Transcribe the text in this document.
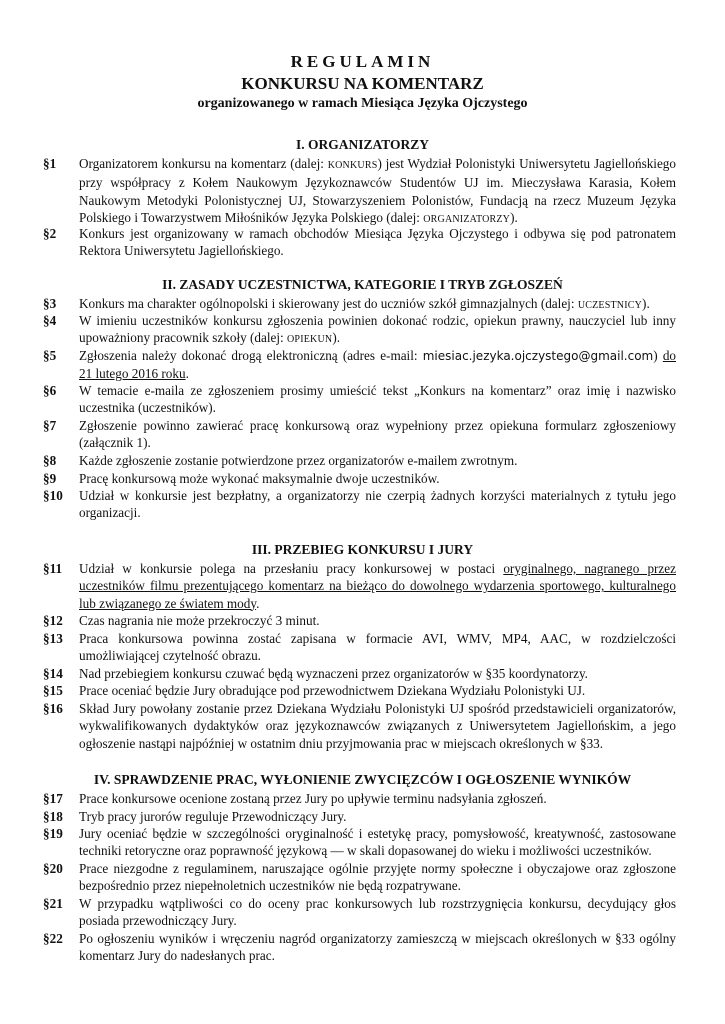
REGULAMIN
KONKURSU NA KOMENTARZ
organizowanego w ramach Miesiąca Języka Ojczystego
I. ORGANIZATORZY
§1	Organizatorem konkursu na komentarz (dalej: KONKURS) jest Wydział Polonistyki Uniwersytetu Jagiellońskiego przy współpracy z Kołem Naukowym Językoznawców Studentów UJ im. Mieczysława Karasia, Kołem Naukowym Metodyki Polonistycznej UJ, Stowarzyszeniem Polonistów, Fundacją na rzecz Muzeum Języka Polskiego i Towarzystwem Miłośników Języka Polskiego (dalej: ORGANIZATORZY).
§2	Konkurs jest organizowany w ramach obchodów Miesiąca Języka Ojczystego i odbywa się pod patronatem Rektora Uniwersytetu Jagiellońskiego.
II. ZASADY UCZESTNICTWA, KATEGORIE I TRYB ZGŁOSZEŃ
§3	Konkurs ma charakter ogólnopolski i skierowany jest do uczniów szkół gimnazjalnych (dalej: UCZESTNICY).
§4	W imieniu uczestników konkursu zgłoszenia powinien dokonać rodzic, opiekun prawny, nauczyciel lub inny upoważniony pracownik szkoły (dalej: OPIEKUN).
§5	Zgłoszenia należy dokonać drogą elektroniczną (adres e-mail: miesiac.jezyka.ojczystego@gmail.com) do 21 lutego 2016 roku.
§6	W temacie e-maila ze zgłoszeniem prosimy umieścić tekst „Konkurs na komentarz” oraz imię i nazwisko uczestnika (uczestników).
§7	Zgłoszenie powinno zawierać pracę konkursową oraz wypełniony przez opiekuna formularz zgłoszeniowy (załącznik 1).
§8	Każde zgłoszenie zostanie potwierdzone przez organizatorów e-mailem zwrotnym.
§9	Pracę konkursową może wykonać maksymalnie dwoje uczestników.
§10	Udział w konkursie jest bezpłatny, a organizatorzy nie czerpią żadnych korzyści materialnych z tytułu jego organizacji.
III. PRZEBIEG KONKURSU I JURY
§11	Udział w konkursie polega na przesłaniu pracy konkursowej w postaci oryginalnego, nagranego przez uczestników filmu prezentującego komentarz na bieżąco do dowolnego wydarzenia sportowego, kulturalnego lub związanego ze światem mody.
§12	Czas nagrania nie może przekroczyć 3 minut.
§13	Praca konkursowa powinna zostać zapisana w formacie AVI, WMV, MP4, AAC, w rozdzielczości umożliwiającej czytelność obrazu.
§14	Nad przebiegiem konkursu czuwać będą wyznaczeni przez organizatorów w §35 koordynatorzy.
§15	Prace oceniać będzie Jury obradujące pod przewodnictwem Dziekana Wydziału Polonistyki UJ.
§16	Skład Jury powołany zostanie przez Dziekana Wydziału Polonistyki UJ spośród przedstawicieli organizatorów, wykwalifikowanych dydaktyków oraz językoznawców związanych z Uniwersytetem Jagiellońskim, a jego ogłoszenie nastąpi najpóźniej w ostatnim dniu przyjmowania prac w miejscach określonych w §33.
IV. SPRAWDZENIE PRAC, WYŁONIENIE ZWYCIĘZCÓW I OGŁOSZENIE WYNIKÓW
§17	Prace konkursowe ocenione zostaną przez Jury po upływie terminu nadsyłania zgłoszeń.
§18	Tryb pracy jurorów reguluje Przewodniczący Jury.
§19	Jury oceniać będzie w szczególności oryginalność i estetykę pracy, pomysłowość, kreatywność, zastosowane techniki retoryczne oraz poprawność językową — w skali dopasowanej do wieku i możliwości uczestników.
§20	Prace niezgodne z regulaminem, naruszające ogólnie przyjęte normy społeczne i obyczajowe oraz zgłoszone bezpośrednio przez niepełnoletnich uczestników nie będą rozpatrywane.
§21	W przypadku wątpliwości co do oceny prac konkursowych lub rozstrzygnięcia konkursu, decydujący głos posiada przewodniczący Jury.
§22	Po ogłoszeniu wyników i wręczeniu nagród organizatorzy zamieszczą w miejscach określonych w §33 ogólny komentarz Jury do nadesłanych prac.
